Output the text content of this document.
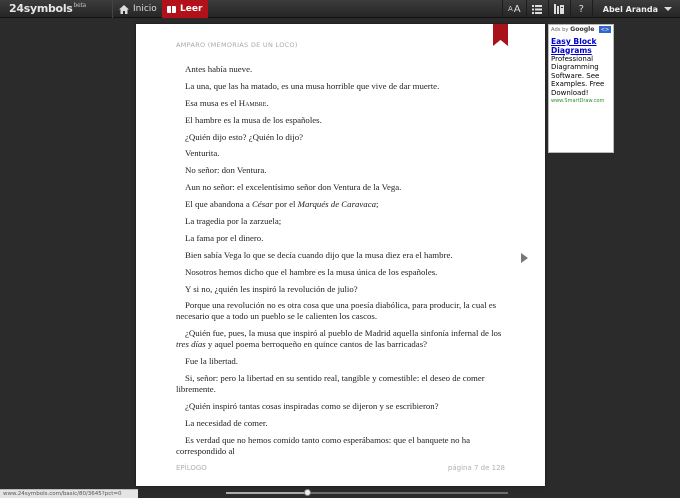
24symbols$^{beta}$	Inicio	Leer	A A	? Abel Aranda
AMPARO (MEMORIAS DE UN LOCO)

Antes había nueve.

La una, que las ha matado, es una musa horrible que vive de dar muerte.

Esa musa es el Hambre.

El hambre es la musa de los españoles.

¿Quién dijo esto? ¿Quién lo dijo?

Venturita.

No señor: don Ventura.

Aun no señor: el excelentísimo señor don Ventura de la Vega.

El que abandona a César por el Marqués de Caravaca;

La tragedia por la zarzuela;

La fama por el dinero.

Bien sabía Vega lo que se decía cuando dijo que la musa diez era el hambre.

Nosotros hemos dicho que el hambre es la musa única de los españoles.

Y si no, ¿quién les inspiró la revolución de julio?

Porque una revolución no es otra cosa que una poesía diabólica, para producir, la cual es necesario que a todo un pueblo se le calienten los cascos.

¿Quién fue, pues, la musa que inspiró al pueblo de Madrid aquella sinfonía infernal de los tres días y aquel poema berroqueño en quince cantos de las barricadas?

Fue la libertad.

Si, señor: pero la libertad en su sentido real, tangible y comestible: el deseo de comer libremente.

¿Quién inspiró tantas cosas inspiradas como se dijeron y se escribieron?

La necesidad de comer.

Es verdad que no hemos comido tanto como esperábamos: que el banquete no ha correspondido al

EPÍLOGO	página 7 de 128
Ads by Google	<>
Easy Block Diagrams
Professional Diagramming Software. See Examples. Free Download!
www.SmartDraw.com
www.24symbols.com/basic/80/3645?pct=0
